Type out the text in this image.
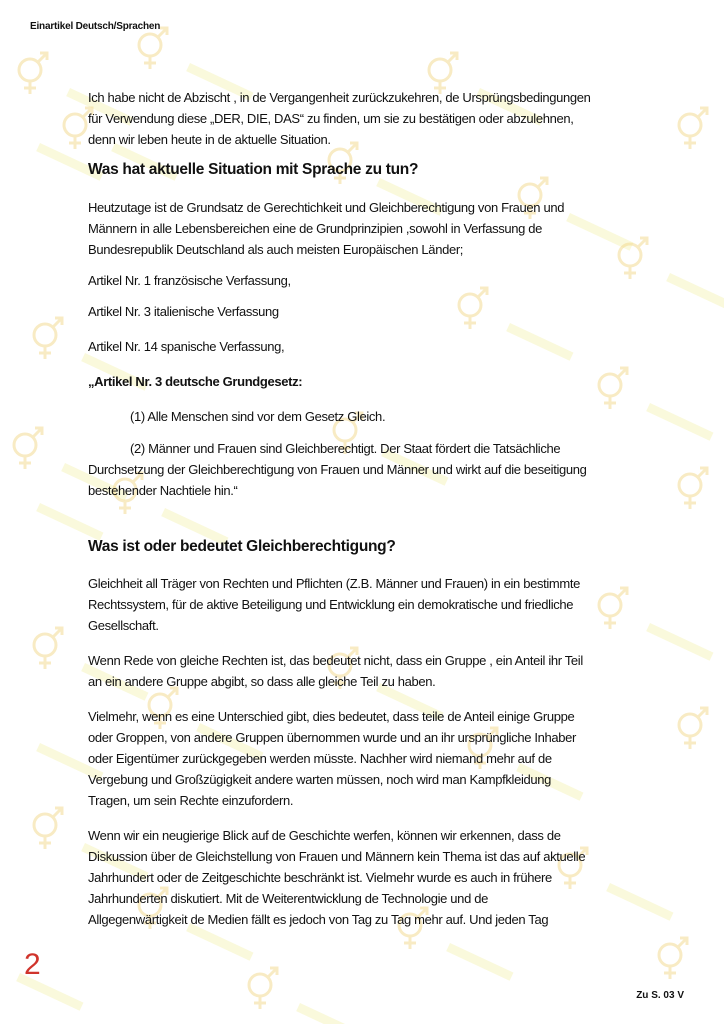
Einartikel Deutsch/Sprachen
Ich habe nicht de Abzischt , in de Vergangenheit zurückzukehren, de Ursprüngsbedingungen
für Verwendung diese „DER, DIE, DAS“ zu finden, um sie zu bestätigen oder abzulehnen,
denn wir leben heute in de aktuelle Situation.
Was hat aktuelle Situation mit Sprache zu tun?
Heutzutage ist de Grundsatz de Gerechtichkeit und Gleichberechtigung von Frauen und
Männern in alle Lebensbereichen eine de Grundprinzipien ,sowohl in Verfassung de
Bundesrepublik Deutschland als auch meisten Europäischen Länder;
Artikel Nr. 1 französische Verfassung,
Artikel Nr. 3 italienische Verfassung
Artikel Nr. 14 spanische Verfassung,
„Artikel Nr. 3 deutsche Grundgesetz:
(1) Alle Menschen sind vor dem Gesetz Gleich.
(2) Männer und Frauen sind Gleichberechtigt. Der Staat fördert die Tatsächliche
Durchsetzung der Gleichberechtigung von Frauen und Männer und wirkt auf die beseitigung
bestehender Nachtiele hin.“
Was ist oder bedeutet Gleichberechtigung?
Gleichheit all Träger von Rechten und Pflichten (Z.B. Männer und Frauen) in ein bestimmte
Rechtssystem, für de aktive Beteiligung und Entwicklung ein demokratische und friedliche
Gesellschaft.
Wenn Rede von gleiche Rechten ist, das bedeutet nicht, dass ein Gruppe , ein Anteil ihr Teil
an ein andere Gruppe abgibt, so dass alle gleiche Teil zu haben.
Vielmehr, wenn es eine Unterschied gibt, dies bedeutet, dass teile de Anteil einige Gruppe
oder Groppen, von andere Gruppen übernommen wurde und an ihr ursprüngliche Inhaber
oder Eigentümer zurückgegeben werden müsste. Nachher wird niemand mehr auf de
Vergebung und Großzügigkeit andere warten müssen, noch wird man Kampfkleidung
Tragen, um sein Rechte einzufordern.
Wenn wir ein neugierige Blick auf de Geschichte werfen, können wir erkennen, dass de
Diskussion über de Gleichstellung von Frauen und Männern kein Thema ist das auf aktuelle
Jahrhundert oder de Zeitgeschichte beschränkt ist. Vielmehr wurde es auch in frühere
Jahrhunderten diskutiert. Mit de Weiterentwicklung de Technologie und de
Allgegenwärtigkeit de Medien fällt es jedoch von Tag zu Tag mehr auf. Und jeden Tag
2
Zu S. 03 V
